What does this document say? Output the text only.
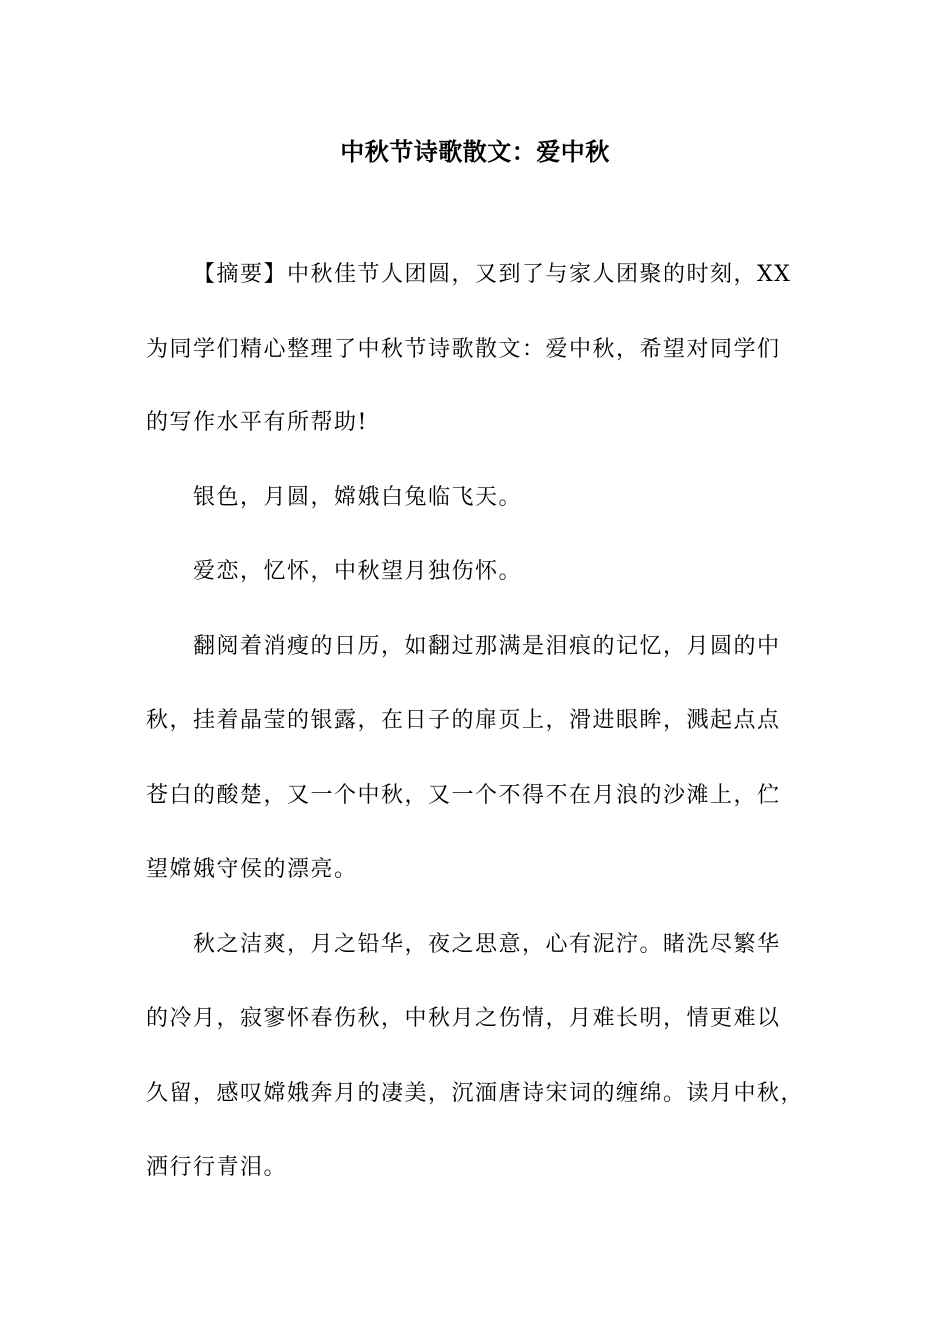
中秋节诗歌散文：爱中秋
【摘要】中秋佳节人团圆，又到了与家人团聚的时刻，XX
为同学们精心整理了中秋节诗歌散文：爱中秋，希望对同学们
的写作水平有所帮助!
银色，月圆，嫦娥白兔临飞天。
爱恋，忆怀，中秋望月独伤怀。
翻阅着消瘦的日历，如翻过那满是泪痕的记忆，月圆的中
秋，挂着晶莹的银露，在日子的扉页上，滑进眼眸，溅起点点
苍白的酸楚，又一个中秋，又一个不得不在月浪的沙滩上，伫
望嫦娥守侯的漂亮。
秋之洁爽，月之铅华，夜之思意，心有泥泞。睹洗尽繁华
的冷月，寂寥怀春伤秋，中秋月之伤情，月难长明，情更难以
久留，感叹嫦娥奔月的凄美，沉湎唐诗宋词的缠绵。读月中秋，
洒行行青泪。
